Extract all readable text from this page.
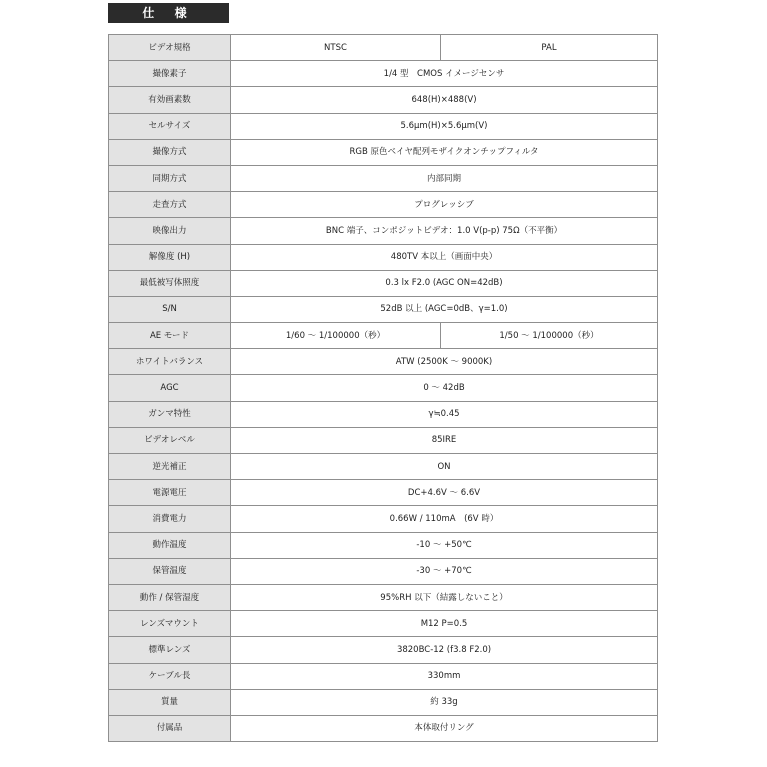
仕 様
ビデオ規格	NTSC	PAL
撮像素子	1/4 型　CMOS イメージセンサ	
有効画素数	648(H)×488(V)	
セルサイズ	5.6μm(H)×5.6μm(V)	
撮像方式	RGB 原色ベイヤ配列モザイクオンチップフィルタ	
同期方式	内部同期	
走査方式	プログレッシブ	
映像出力	BNC 端子、コンポジットビデオ：1.0 V(p-p) 75Ω（不平衡）	
解像度 (H)	480TV 本以上（画面中央）	
最低被写体照度	0.3 lx F2.0 (AGC ON=42dB)	
S/N	52dB 以上 (AGC=0dB、γ=1.0)	
AE モード	1/60 ～ 1/100000（秒）	1/50 ～ 1/100000（秒）
ホワイトバランス	ATW (2500K ～ 9000K)	
AGC	0 ～ 42dB	
ガンマ特性	γ≒0.45	
ビデオレベル	85IRE	
逆光補正	ON	
電源電圧	DC+4.6V ～ 6.6V	
消費電力	0.66W / 110mA　(6V 時）	
動作温度	-10 ～ +50℃	
保管温度	-30 ～ +70℃	
動作 / 保管湿度	95%RH 以下（結露しないこと）	
レンズマウント	M12 P=0.5	
標準レンズ	3820BC-12 (f3.8 F2.0)	
ケーブル長	330mm	
質量	約 33g	
付属品	本体取付リング	
